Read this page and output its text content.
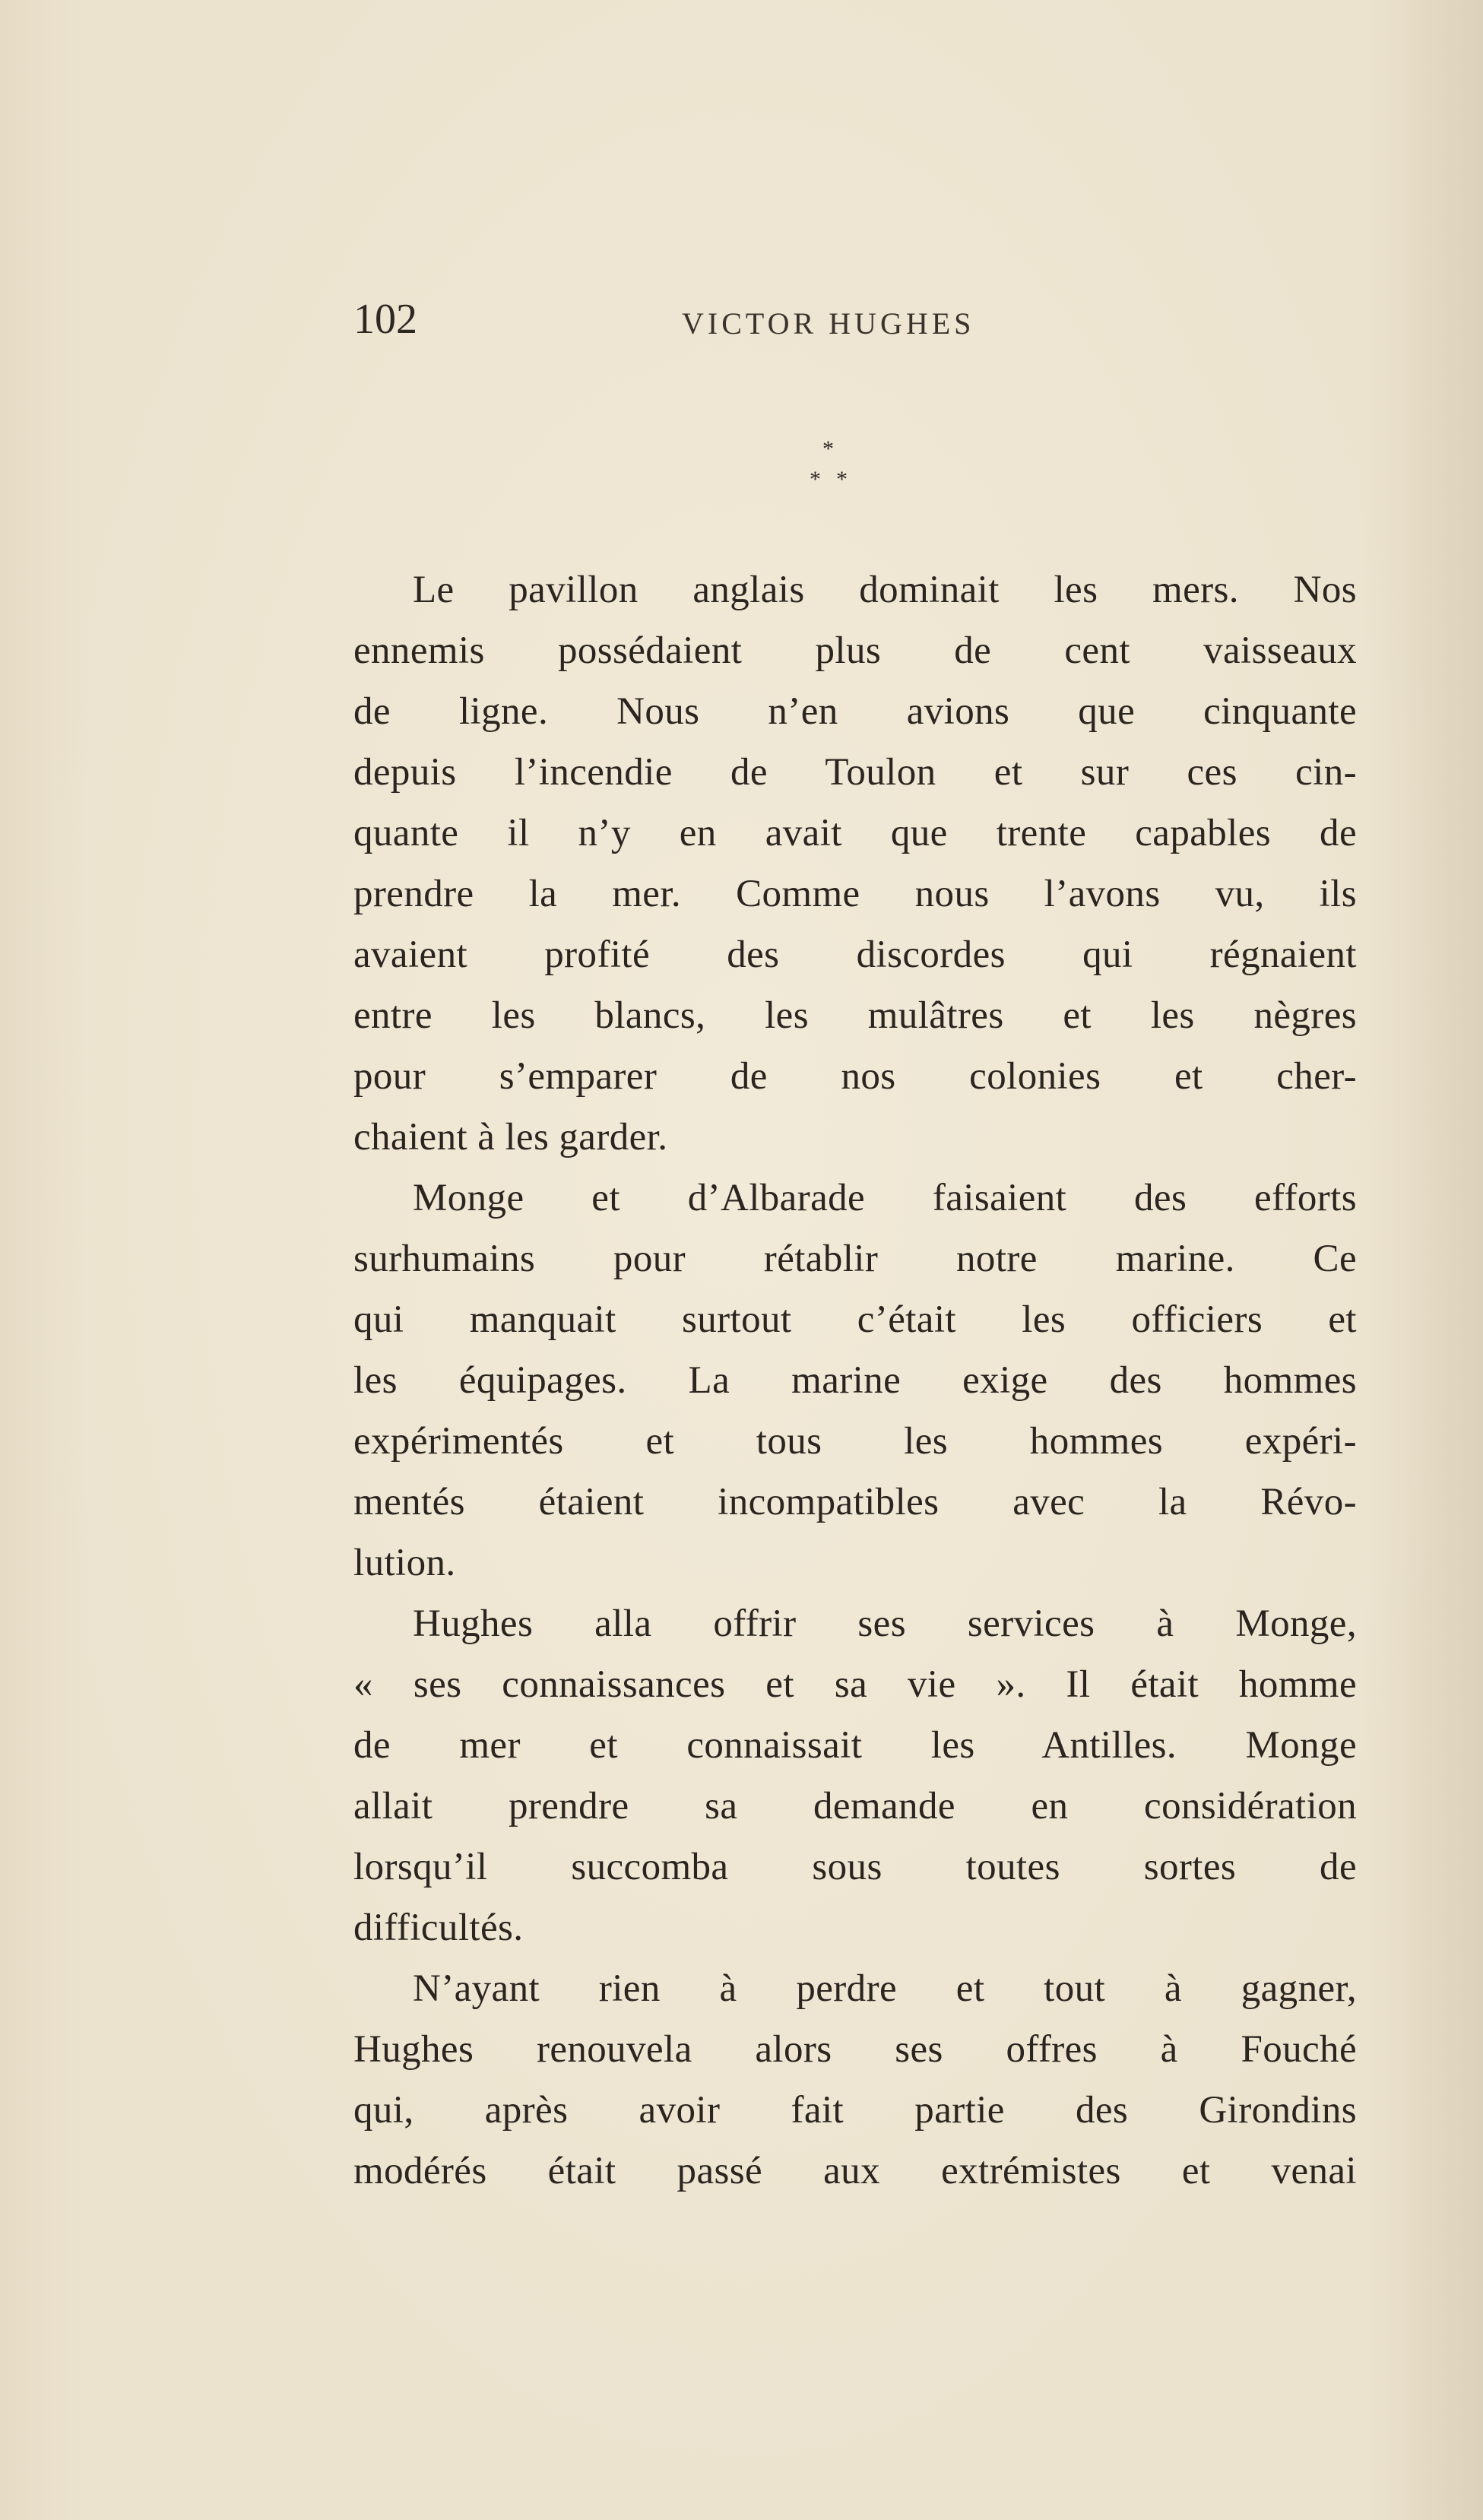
102	VICTOR HUGHES
*
* *
Le pavillon anglais dominait les mers. Nos
ennemis possédaient plus de cent vaisseaux
de ligne. Nous n’en avions que cinquante
depuis l’incendie de Toulon et sur ces cin-
quante il n’y en avait que trente capables de
prendre la mer. Comme nous l’avons vu, ils
avaient profité des discordes qui régnaient
entre les blancs, les mulâtres et les nègres
pour s’emparer de nos colonies et cher-
chaient à les garder.
Monge et d’Albarade faisaient des efforts
surhumains pour rétablir notre marine. Ce
qui manquait surtout c’était les officiers et
les équipages. La marine exige des hommes
expérimentés et tous les hommes expéri-
mentés étaient incompatibles avec la Révo-
lution.
Hughes alla offrir ses services à Monge,
« ses connaissances et sa vie ». Il était homme
de mer et connaissait les Antilles. Monge
allait prendre sa demande en considération
lorsqu’il succomba sous toutes sortes de
difficultés.
N’ayant rien à perdre et tout à gagner,
Hughes renouvela alors ses offres à Fouché
qui, après avoir fait partie des Girondins
modérés était passé aux extrémistes et venai
